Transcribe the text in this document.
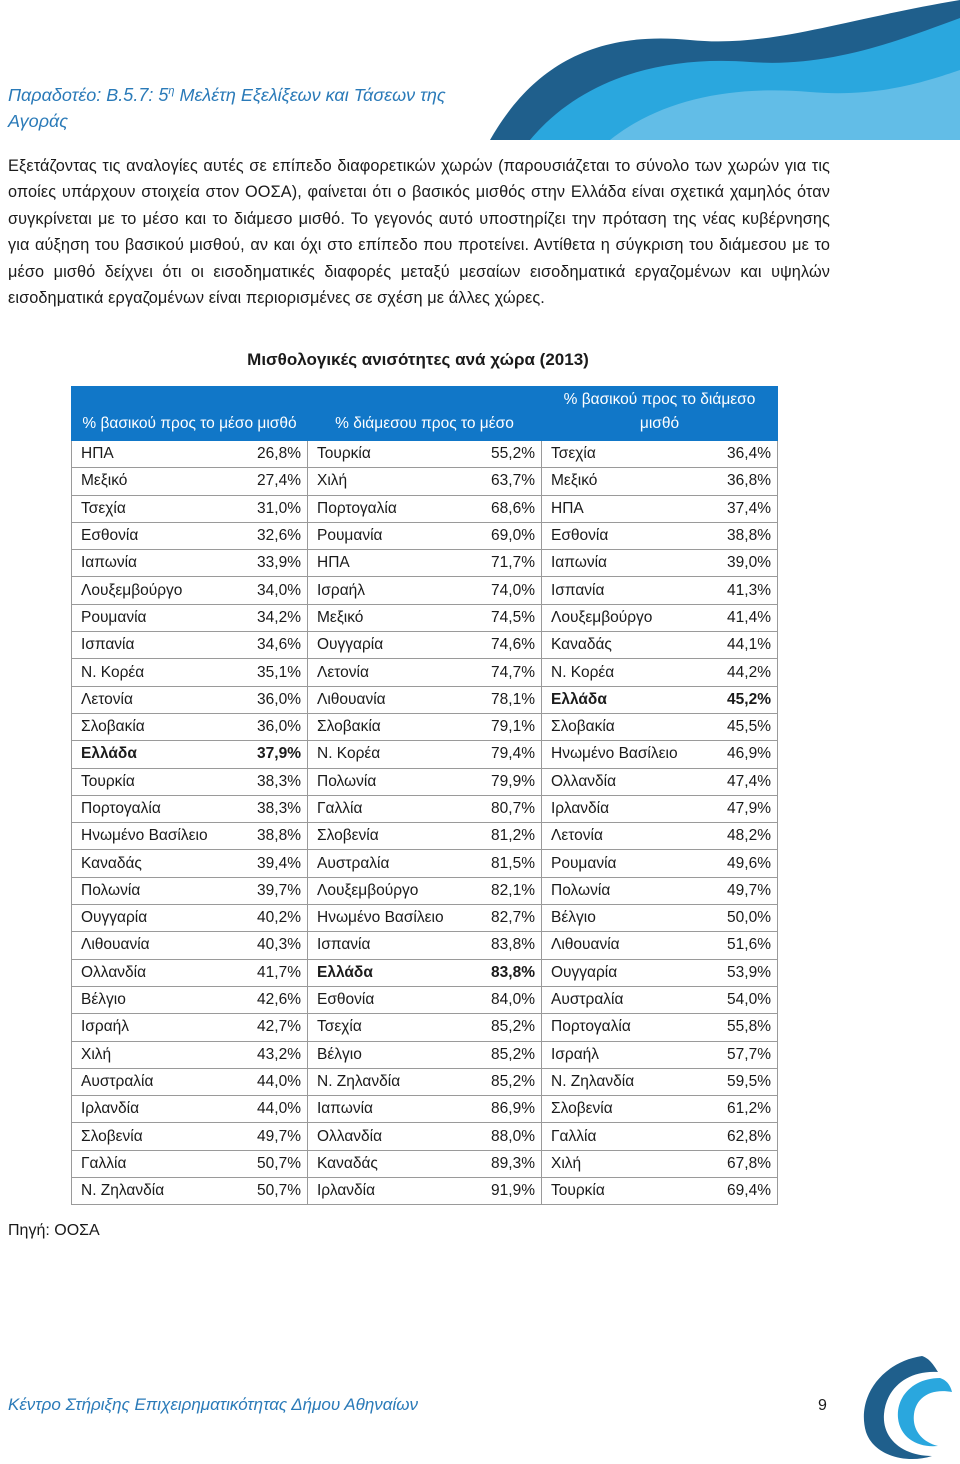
Παραδοτέο: Β.5.7: $5^\eta$ Μελέτη Εξελίξεων και Τάσεων της Αγοράς
Εξετάζοντας τις αναλογίες αυτές σε επίπεδο διαφορετικών χωρών (παρουσιάζεται το σύνολο των χωρών για τις οποίες υπάρχουν στοιχεία στον ΟΟΣΑ), φαίνεται ότι ο βασικός μισθός στην Ελλάδα είναι σχετικά χαμηλός όταν συγκρίνεται με το μέσο και το διάμεσο μισθό. Το γεγονός αυτό υποστηρίζει την πρόταση της νέας κυβέρνησης για αύξηση του βασικού μισθού, αν και όχι στο επίπεδο που προτείνει. Αντίθετα η σύγκριση του διάμεσου με το μέσο μισθό δείχνει ότι οι εισοδηματικές διαφορές μεταξύ μεσαίων εισοδηματικά εργαζομένων και υψηλών εισοδηματικά εργαζομένων είναι περιορισμένες σε σχέση με άλλες χώρες.
Μισθολογικές ανισότητες ανά χώρα (2013)
% βασικού προς το μέσο μισθό		% διάμεσου προς το μέσο		% βασικού προς το διάμεσο μισθό	
ΗΠΑ	26,8%	Τουρκία	55,2%	Τσεχία	36,4%
Μεξικό	27,4%	Χιλή	63,7%	Μεξικό	36,8%
Τσεχία	31,0%	Πορτογαλία	68,6%	ΗΠΑ	37,4%
Εσθονία	32,6%	Ρουμανία	69,0%	Εσθονία	38,8%
Ιαπωνία	33,9%	ΗΠΑ	71,7%	Ιαπωνία	39,0%
Λουξεμβούργο	34,0%	Ισραήλ	74,0%	Ισπανία	41,3%
Ρουμανία	34,2%	Μεξικό	74,5%	Λουξεμβούργο	41,4%
Ισπανία	34,6%	Ουγγαρία	74,6%	Καναδάς	44,1%
Ν. Κορέα	35,1%	Λετονία	74,7%	Ν. Κορέα	44,2%
Λετονία	36,0%	Λιθουανία	78,1%	Ελλάδα	45,2%
Σλοβακία	36,0%	Σλοβακία	79,1%	Σλοβακία	45,5%
Ελλάδα	37,9%	Ν. Κορέα	79,4%	Ηνωμένο Βασίλειο	46,9%
Τουρκία	38,3%	Πολωνία	79,9%	Ολλανδία	47,4%
Πορτογαλία	38,3%	Γαλλία	80,7%	Ιρλανδία	47,9%
Ηνωμένο Βασίλειο	38,8%	Σλοβενία	81,2%	Λετονία	48,2%
Καναδάς	39,4%	Αυστραλία	81,5%	Ρουμανία	49,6%
Πολωνία	39,7%	Λουξεμβούργο	82,1%	Πολωνία	49,7%
Ουγγαρία	40,2%	Ηνωμένο Βασίλειο	82,7%	Βέλγιο	50,0%
Λιθουανία	40,3%	Ισπανία	83,8%	Λιθουανία	51,6%
Ολλανδία	41,7%	Ελλάδα	83,8%	Ουγγαρία	53,9%
Βέλγιο	42,6%	Εσθονία	84,0%	Αυστραλία	54,0%
Ισραήλ	42,7%	Τσεχία	85,2%	Πορτογαλία	55,8%
Χιλή	43,2%	Βέλγιο	85,2%	Ισραήλ	57,7%
Αυστραλία	44,0%	Ν. Ζηλανδία	85,2%	Ν. Ζηλανδία	59,5%
Ιρλανδία	44,0%	Ιαπωνία	86,9%	Σλοβενία	61,2%
Σλοβενία	49,7%	Ολλανδία	88,0%	Γαλλία	62,8%
Γαλλία	50,7%	Καναδάς	89,3%	Χιλή	67,8%
Ν. Ζηλανδία	50,7%	Ιρλανδία	91,9%	Τουρκία	69,4%
Πηγή: ΟΟΣΑ
Κέντρο Στήριξης Επιχειρηματικότητας Δήμου Αθηναίων	9
